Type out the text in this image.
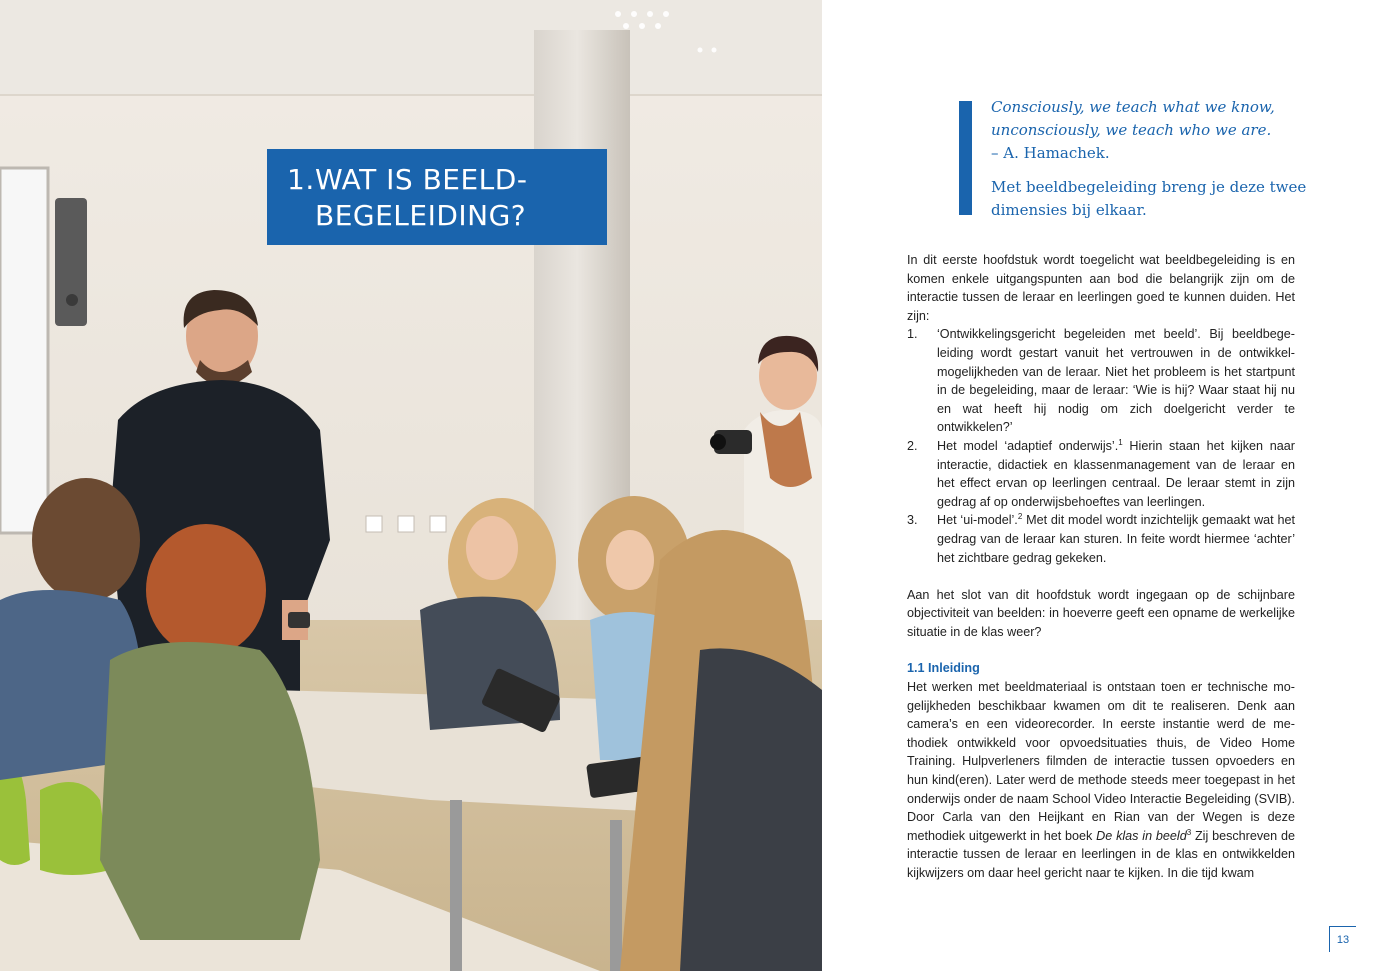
1.WAT IS BEELD-
BEGELEIDING?
Consciously, we teach what we know,
unconsciously, we teach who we are.
– A. Hamachek.
Met beeldbegeleiding breng je deze twee dimensies bij elkaar.

In dit eerste hoofdstuk wordt toegelicht wat beeldbegeleiding is en komen enkele uitgangspunten aan bod die belangrijk zijn om de interactie tussen de leraar en leerlingen goed te kunnen duiden. Het zijn:

1. ‘Ontwikkelingsgericht begeleiden met beeld’. Bij beeldbegeleiding wordt gestart vanuit het vertrouwen in de ontwikkelmogelijkheden van de leraar. Niet het probleem is het startpunt in de begeleiding, maar de leraar: ‘Wie is hij? Waar staat hij nu en wat heeft hij nodig om zich doelgericht verder te ontwikkelen?’
2. Het model ‘adaptief onderwijs’.$^1$ Hierin staan het kijken naar interactie, didactiek en klassenmanagement van de leraar en het effect ervan op leerlingen centraal. De leraar stemt in zijn gedrag af op onderwijsbehoeftes van leerlingen.
3. Het ‘ui-model’.$^2$ Met dit model wordt inzichtelijk gemaakt wat het gedrag van de leraar kan sturen. In feite wordt hiermee ‘achter’ het zichtbare gedrag gekeken.

Aan het slot van dit hoofdstuk wordt ingegaan op de schijnbare objectiviteit van beelden: in hoeverre geeft een opname de werkelijke situatie in de klas weer?

1.1 Inleiding

Het werken met beeldmateriaal is ontstaan toen er technische mogelijkheden beschikbaar kwamen om dit te realiseren. Denk aan camera’s en een videorecorder. In eerste instantie werd de methodiek ontwikkeld voor opvoedsituaties thuis, de Video Home Training. Hulpverleners filmden de interactie tussen opvoeders en hun kind(eren). Later werd de methode steeds meer toegepast in het onderwijs onder de naam School Video Interactie Begeleiding (SVIB). Door Carla van den Heijkant en Rian van der Wegen is deze methodiek uitgewerkt in het boek De klas in beeld$^3$ Zij beschreven de interactie tussen de leraar en leerlingen in de klas en ontwikkelden kijkwijzers om daar heel gericht naar te kijken. In die tijd kwam

13
